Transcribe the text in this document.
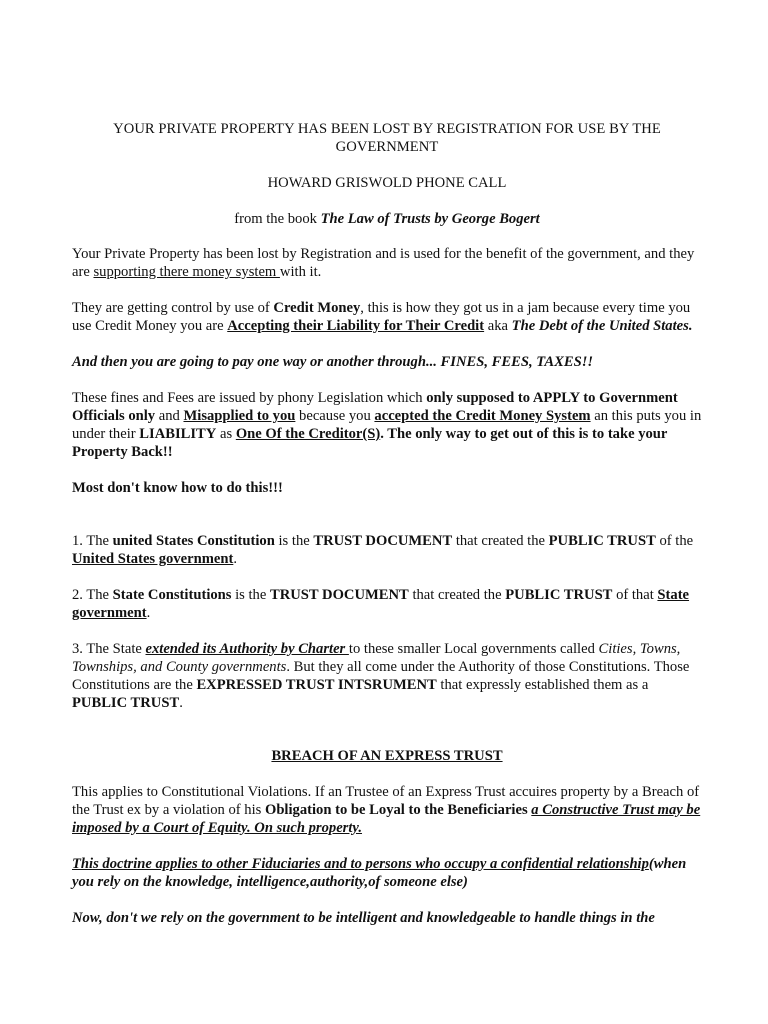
YOUR PRIVATE PROPERTY HAS BEEN LOST BY REGISTRATION FOR USE BY THE GOVERNMENT

HOWARD GRISWOLD PHONE CALL

from the book The Law of Trusts by George Bogert

Your Private Property has been lost by Registration and is used for the benefit of the government, and they are supporting there money system with it.

They are getting control by use of Credit Money, this is how they got us in a jam because every time you use Credit Money you are Accepting their Liability for Their Credit aka The Debt of the United States.

And then you are going to pay one way or another through... FINES, FEES, TAXES!!

These fines and Fees are issued by phony Legislation which only supposed to APPLY to Government Officials only and Misapplied to you because you accepted the Credit Money System an this puts you in under their LIABILITY as One Of the Creditor(S). The only way to get out of this is to take your Property Back!!

Most don't know how to do this!!!

1. The united States Constitution is the TRUST DOCUMENT that created the PUBLIC TRUST of the United States government.

2. The State Constitutions is the TRUST DOCUMENT that created the PUBLIC TRUST of that State government.

3. The State extended its Authority by Charter to these smaller Local governments called Cities, Towns, Townships, and County governments. But they all come under the Authority of those Constitutions. Those Constitutions are the EXPRESSED TRUST INTSRUMENT that expressly established them as a PUBLIC TRUST.

BREACH OF AN EXPRESS TRUST

This applies to Constitutional Violations. If an Trustee of an Express Trust accuires property by a Breach of the Trust ex by a violation of his Obligation to be Loyal to the Beneficiaries a Constructive Trust may be imposed by a Court of Equity. On such property.

This doctrine applies to other Fiduciaries and to persons who occupy a confidential relationship(when you rely on the knowledge, intelligence,authority,of someone else)

Now, don't we rely on the government to be intelligent and knowledgeable to handle things in the
